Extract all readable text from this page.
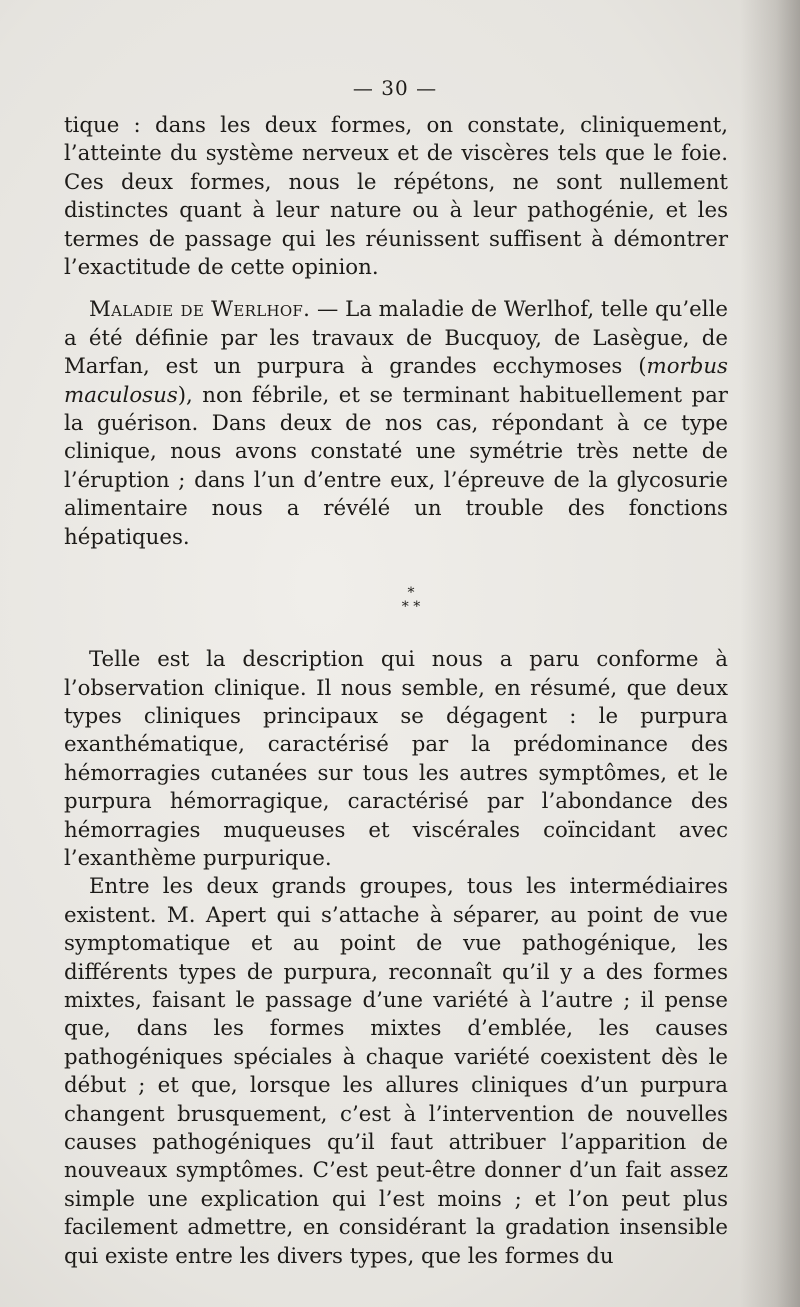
— 30 —

tique : dans les deux formes, on constate, cliniquement, l’atteinte du système nerveux et de viscères tels que le foie. Ces deux formes, nous le répétons, ne sont nullement distinctes quant à leur nature ou à leur pathogénie, et les termes de passage qui les réunissent suffisent à démontrer l’exactitude de cette opinion.

Maladie de Werlhof. — La maladie de Werlhof, telle qu’elle a été définie par les travaux de Bucquoy, de Lasègue, de Marfan, est un purpura à grandes ecchymoses (morbus maculosus), non fébrile, et se terminant habituellement par la guérison. Dans deux de nos cas, répondant à ce type clinique, nous avons constaté une symétrie très nette de l’éruption ; dans l’un d’entre eux, l’épreuve de la glycosurie alimentaire nous a révélé un trouble des fonctions hépatiques.

*
* *

Telle est la description qui nous a paru conforme à l’observation clinique. Il nous semble, en résumé, que deux types cliniques principaux se dégagent : le purpura exanthématique, caractérisé par la prédominance des hémorragies cutanées sur tous les autres symptômes, et le purpura hémorragique, caractérisé par l’abondance des hémorragies muqueuses et viscérales coïncidant avec l’exanthème purpurique.

Entre les deux grands groupes, tous les intermédiaires existent. M. Apert qui s’attache à séparer, au point de vue symptomatique et au point de vue pathogénique, les différents types de purpura, reconnaît qu’il y a des formes mixtes, faisant le passage d’une variété à l’autre ; il pense que, dans les formes mixtes d’emblée, les causes pathogéniques spéciales à chaque variété coexistent dès le début ; et que, lorsque les allures cliniques d’un purpura changent brusquement, c’est à l’intervention de nouvelles causes pathogéniques qu’il faut attribuer l’apparition de nouveaux symptômes. C’est peut-être donner d’un fait assez simple une explication qui l’est moins ; et l’on peut plus facilement admettre, en considérant la gradation insensible qui existe entre les divers types, que les formes du
